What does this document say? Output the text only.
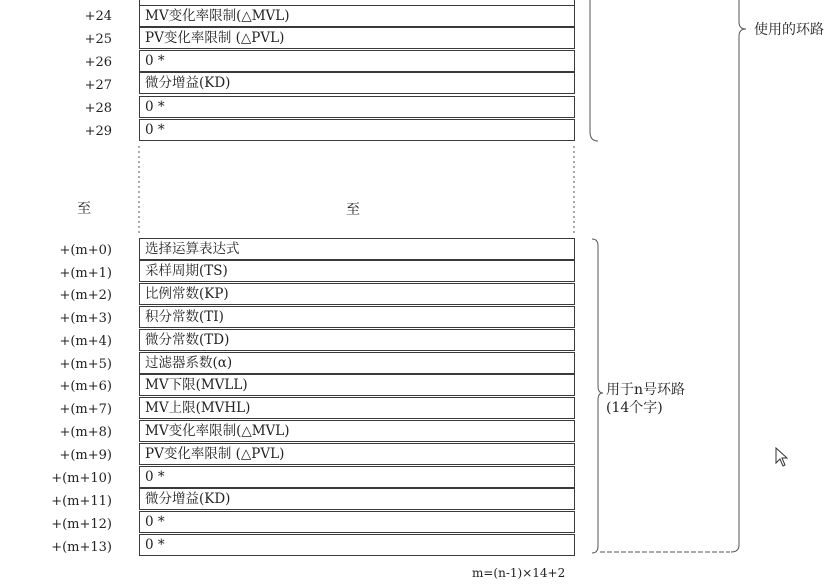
+24	MV变化率限制(△MVL)
+25	PV变化率限制 (△PVL)
+26	0 *
+27	微分增益(KD)
+28	0 *
+29	0 *
至	至
+(m+0)	选择运算表达式
+(m+1)	采样周期(TS)
+(m+2)	比例常数(KP)
+(m+3)	积分常数(TI)
+(m+4)	微分常数(TD)
+(m+5)	过滤器系数(α)
+(m+6)	MV下限(MVLL)
+(m+7)	MV上限(MVHL)
+(m+8)	MV变化率限制(△MVL)
+(m+9)	PV变化率限制 (△PVL)
+(m+10)	0 *
+(m+11)	微分增益(KD)
+(m+12)	0 *
+(m+13)	0 *
用于n号环路
(14个字)
使用的环路
m=(n-1)×14+2
